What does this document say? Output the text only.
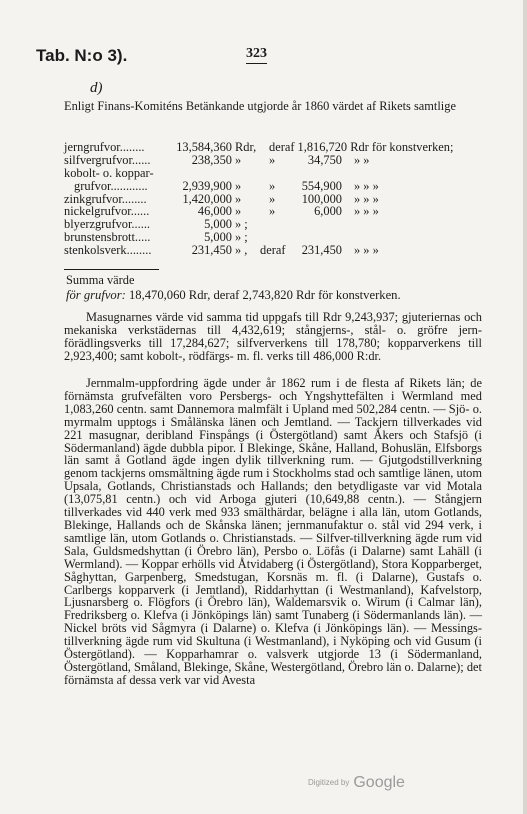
Tab. N:o 3).	323
d)
Enligt Finans-Komiténs Betänkande utgjorde år 1860 värdet af Rikets samtlige
jerngrufvor........	13,584,360 Rdr, deraf 1,816,720 Rdr för konstverken;
silfvergrufvor......	238,350 » »	34,750 » »
kobolt- o. koppar-
grufvor............	2,939,900 » »	554,900 » » »
zinkgrufvor........	1,420,000 » »	100,000 » » »
nickelgrufvor......	46,000 » »	6,000 » » »
blyerzgrufvor......	5,000 » ;
brunstensbrott.....	5,000 » ;
stenkolsverk........	231,450 » , deraf	231,450 » » »
Summa värde
för grufvor: 18,470,060 Rdr, deraf 2,743,820 Rdr för konstverken.
Masugnarnes värde vid samma tid uppgafs till Rdr 9,243,937; gjuteriernas och mekaniska verkstädernas till 4,432,619; stångjerns-, stål- o. gröfre jern-förädlingsverks till 17,284,627; silfververkens till 178,780; kopparverkens till 2,923,400; samt kobolt-, rödfärgs- m. fl. verks till 486,000 R:dr.
Jernmalm-uppfordring ägde under år 1862 rum i de flesta af Rikets län; de förnämsta grufvefälten voro Persbergs- och Yngshyttefälten i Wermland med 1,083,260 centn. samt Dannemora malmfält i Upland med 502,284 centn. — Sjö- o. myrmalm upptogs i Smålänska länen och Jemtland. — Tackjern tillverkades vid 221 masugnar, deribland Finspångs (i Östergötland) samt Åkers och Stafsjö (i Södermanland) ägde dubbla pipor. I Blekinge, Skåne, Halland, Bohuslän, Elfsborgs län samt å Gotland ägde ingen dylik tillverkning rum. — Gjutgodstillverkning genom tackjerns omsmältning ägde rum i Stockholms stad och samtlige länen, utom Upsala, Gotlands, Christianstads och Hallands; den betydligaste var vid Motala (13,075,81 centn.) och vid Arboga gjuteri (10,649,88 centn.). — Stångjern tillverkades vid 440 verk med 933 smälthärdar, belägne i alla län, utom Gotlands, Blekinge, Hallands och de Skånska länen; jernmanufaktur o. stål vid 294 verk, i samtlige län, utom Gotlands o. Christianstads. — Silfver-tillverkning ägde rum vid Sala, Guldsmedshyttan (i Örebro län), Persbo o. Löfås (i Dalarne) samt Lahäll (i Wermland). — Koppar erhölls vid Åtvidaberg (i Östergötland), Stora Kopparberget, Såghyttan, Garpenberg, Smedstugan, Korsnäs m. fl. (i Dalarne), Gustafs o. Carlbergs kopparverk (i Jemtland), Riddarhyttan (i Westmanland), Kafvelstorp, Ljusnarsberg o. Flögfors (i Örebro län), Waldemarsvik o. Wirum (i Calmar län), Fredriksberg o. Klefva (i Jönköpings län) samt Tunaberg (i Södermanlands län). — Nickel bröts vid Sågmyra (i Dalarne) o. Klefva (i Jönköpings län). — Messings-tillverkning ägde rum vid Skultuna (i Westmanland), i Nyköping och vid Gusum (i Östergötland). — Kopparhamrar o. valsverk utgjorde 13 (i Södermanland, Östergötland, Småland, Blekinge, Skåne, Westergötland, Örebro län o. Dalarne); det förnämsta af dessa verk var vid Avesta
Digitized by Google
